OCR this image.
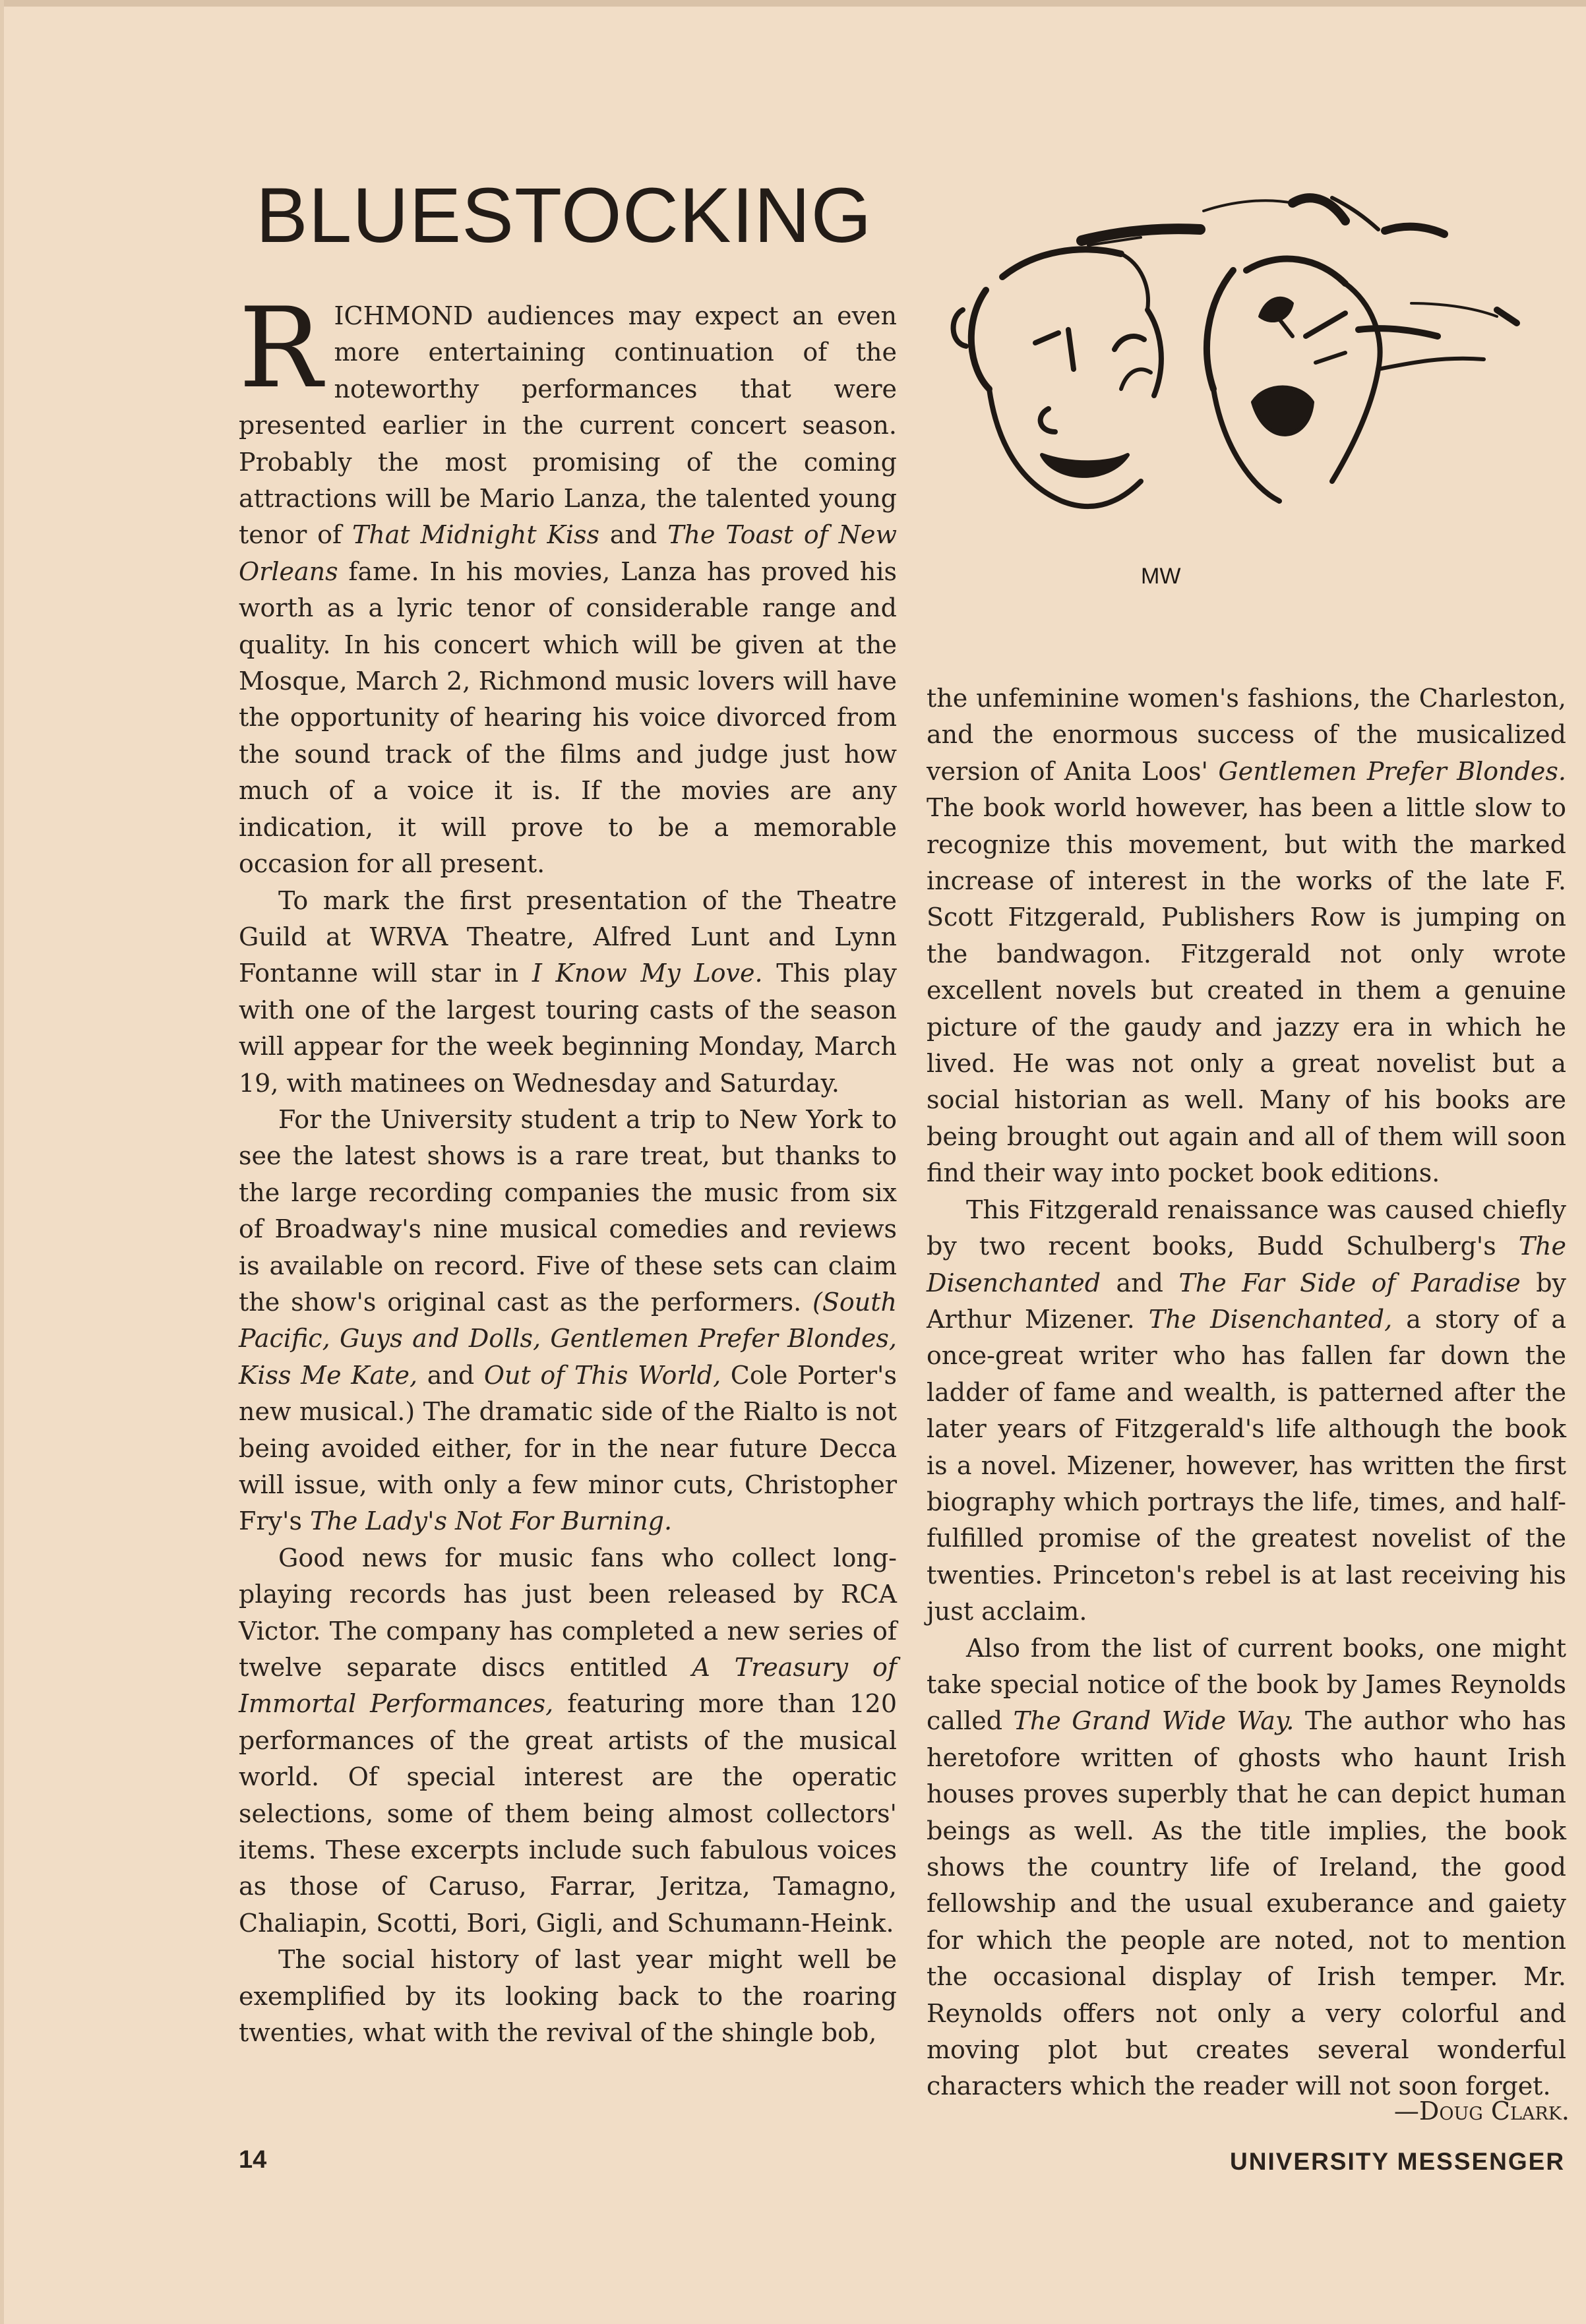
BLUESTOCKING
MW

RICHMOND audiences may expect an even more entertaining continuation of the noteworthy performances that were presented earlier in the current concert season. Probably the most promising of the coming attractions will be Mario Lanza, the talented young tenor of That Midnight Kiss and The Toast of New Orleans fame. In his movies, Lanza has proved his worth as a lyric tenor of considerable range and quality. In his concert which will be given at the Mosque, March 2, Richmond music lovers will have the opportunity of hearing his voice divorced from the sound track of the films and judge just how much of a voice it is. If the movies are any indication, it will prove to be a memorable occasion for all present.

To mark the first presentation of the Theatre Guild at WRVA Theatre, Alfred Lunt and Lynn Fontanne will star in I Know My Love. This play with one of the largest touring casts of the season will appear for the week beginning Monday, March 19, with matinees on Wednesday and Saturday.

For the University student a trip to New York to see the latest shows is a rare treat, but thanks to the large recording companies the music from six of Broadway's nine musical comedies and reviews is available on record. Five of these sets can claim the show's original cast as the performers. (South Pacific, Guys and Dolls, Gentlemen Prefer Blondes, Kiss Me Kate, and Out of This World, Cole Porter's new musical.) The dramatic side of the Rialto is not being avoided either, for in the near future Decca will issue, with only a few minor cuts, Christopher Fry's The Lady's Not For Burning.

Good news for music fans who collect long-playing records has just been released by RCA Victor. The company has completed a new series of twelve separate discs entitled A Treasury of Immortal Performances, featuring more than 120 performances of the great artists of the musical world. Of special interest are the operatic selections, some of them being almost collectors' items. These excerpts include such fabulous voices as those of Caruso, Farrar, Jeritza, Tamagno, Chaliapin, Scotti, Bori, Gigli, and Schumann-Heink.

The social history of last year might well be exemplified by its looking back to the roaring twenties, what with the revival of the shingle bob,

the unfeminine women's fashions, the Charleston, and the enormous success of the musicalized version of Anita Loos' Gentlemen Prefer Blondes. The book world however, has been a little slow to recognize this movement, but with the marked increase of interest in the works of the late F. Scott Fitzgerald, Publishers Row is jumping on the bandwagon. Fitzgerald not only wrote excellent novels but created in them a genuine picture of the gaudy and jazzy era in which he lived. He was not only a great novelist but a social historian as well. Many of his books are being brought out again and all of them will soon find their way into pocket book editions.

This Fitzgerald renaissance was caused chiefly by two recent books, Budd Schulberg's The Disenchanted and The Far Side of Paradise by Arthur Mizener. The Disenchanted, a story of a once-great writer who has fallen far down the ladder of fame and wealth, is patterned after the later years of Fitzgerald's life although the book is a novel. Mizener, however, has written the first biography which portrays the life, times, and half-fulfilled promise of the greatest novelist of the twenties. Princeton's rebel is at last receiving his just acclaim.

Also from the list of current books, one might take special notice of the book by James Reynolds called The Grand Wide Way. The author who has heretofore written of ghosts who haunt Irish houses proves superbly that he can depict human beings as well. As the title implies, the book shows the country life of Ireland, the good fellowship and the usual exuberance and gaiety for which the people are noted, not to mention the occasional display of Irish temper. Mr. Reynolds offers not only a very colorful and moving plot but creates several wonderful characters which the reader will not soon forget.

—Doug Clark.
14	UNIVERSITY MESSENGER
